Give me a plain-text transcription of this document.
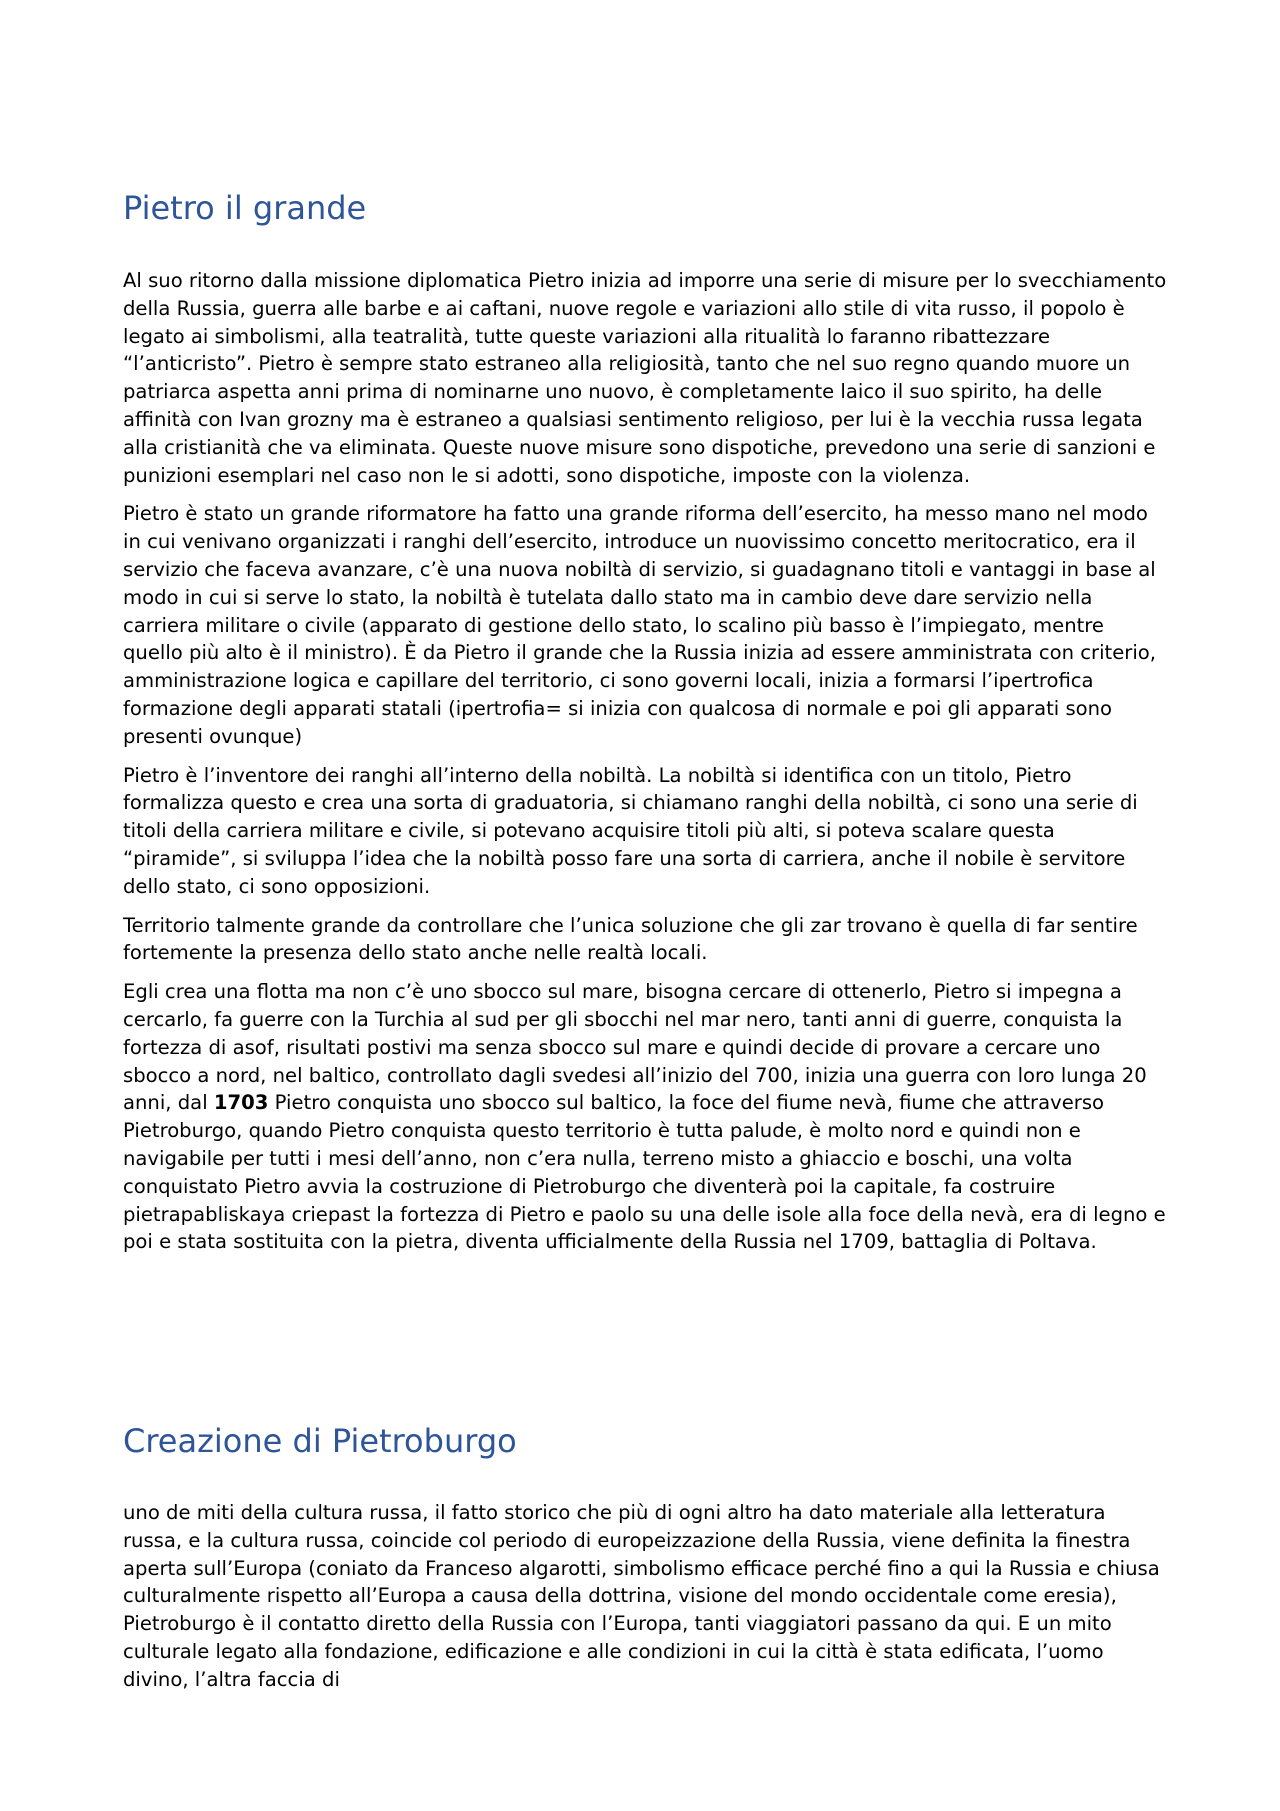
Pietro il grande

Al suo ritorno dalla missione diplomatica Pietro inizia ad imporre una serie di misure per lo svecchiamento della Russia, guerra alle barbe e ai caftani, nuove regole e variazioni allo stile di vita russo, il popolo è legato ai simbolismi, alla teatralità, tutte queste variazioni alla ritualità lo faranno ribattezzare “l’anticristo”. Pietro è sempre stato estraneo alla religiosità, tanto che nel suo regno quando muore un patriarca aspetta anni prima di nominarne uno nuovo, è completamente laico il suo spirito, ha delle affinità con Ivan grozny ma è estraneo a qualsiasi sentimento religioso, per lui è la vecchia russa legata alla cristianità che va eliminata. Queste nuove misure sono dispotiche, prevedono una serie di sanzioni e punizioni esemplari nel caso non le si adotti, sono dispotiche, imposte con la violenza.

Pietro è stato un grande riformatore ha fatto una grande riforma dell’esercito, ha messo mano nel modo in cui venivano organizzati i ranghi dell’esercito, introduce un nuovissimo concetto meritocratico, era il servizio che faceva avanzare, c’è una nuova nobiltà di servizio, si guadagnano titoli e vantaggi in base al modo in cui si serve lo stato, la nobiltà è tutelata dallo stato ma in cambio deve dare servizio nella carriera militare o civile (apparato di gestione dello stato, lo scalino più basso è l’impiegato, mentre quello più alto è il ministro). È da Pietro il grande che la Russia inizia ad essere amministrata con criterio, amministrazione logica e capillare del territorio, ci sono governi locali, inizia a formarsi l’ipertrofica formazione degli apparati statali (ipertrofia= si inizia con qualcosa di normale e poi gli apparati sono presenti ovunque)

Pietro è l’inventore dei ranghi all’interno della nobiltà. La nobiltà si identifica con un titolo, Pietro formalizza questo e crea una sorta di graduatoria, si chiamano ranghi della nobiltà, ci sono una serie di titoli della carriera militare e civile, si potevano acquisire titoli più alti, si poteva scalare questa “piramide”, si sviluppa l’idea che la nobiltà posso fare una sorta di carriera, anche il nobile è servitore dello stato, ci sono opposizioni.

Territorio talmente grande da controllare che l’unica soluzione che gli zar trovano è quella di far sentire fortemente la presenza dello stato anche nelle realtà locali.

Egli crea una flotta ma non c’è uno sbocco sul mare, bisogna cercare di ottenerlo, Pietro si impegna a cercarlo, fa guerre con la Turchia al sud per gli sbocchi nel mar nero, tanti anni di guerre, conquista la fortezza di asof, risultati postivi ma senza sbocco sul mare e quindi decide di provare a cercare uno sbocco a nord, nel baltico, controllato dagli svedesi all’inizio del 700, inizia una guerra con loro lunga 20 anni, dal 1703 Pietro conquista uno sbocco sul baltico, la foce del fiume nevà, fiume che attraverso Pietroburgo, quando Pietro conquista questo territorio è tutta palude, è molto nord e quindi non e navigabile per tutti i mesi dell’anno, non c’era nulla, terreno misto a ghiaccio e boschi, una volta conquistato Pietro avvia la costruzione di Pietroburgo che diventerà poi la capitale, fa costruire pietrapabliskaya criepast la fortezza di Pietro e paolo su una delle isole alla foce della nevà, era di legno e poi e stata sostituita con la pietra, diventa ufficialmente della Russia nel 1709, battaglia di Poltava.

Creazione di Pietroburgo

uno de miti della cultura russa, il fatto storico che più di ogni altro ha dato materiale alla letteratura russa, e la cultura russa, coincide col periodo di europeizzazione della Russia, viene definita la finestra aperta sull’Europa (coniato da Franceso algarotti, simbolismo efficace perché fino a qui la Russia e chiusa culturalmente rispetto all’Europa a causa della dottrina, visione del mondo occidentale come eresia), Pietroburgo è il contatto diretto della Russia con l’Europa, tanti viaggiatori passano da qui. E un mito culturale legato alla fondazione, edificazione e alle condizioni in cui la città è stata edificata, l’uomo divino, l’altra faccia di
